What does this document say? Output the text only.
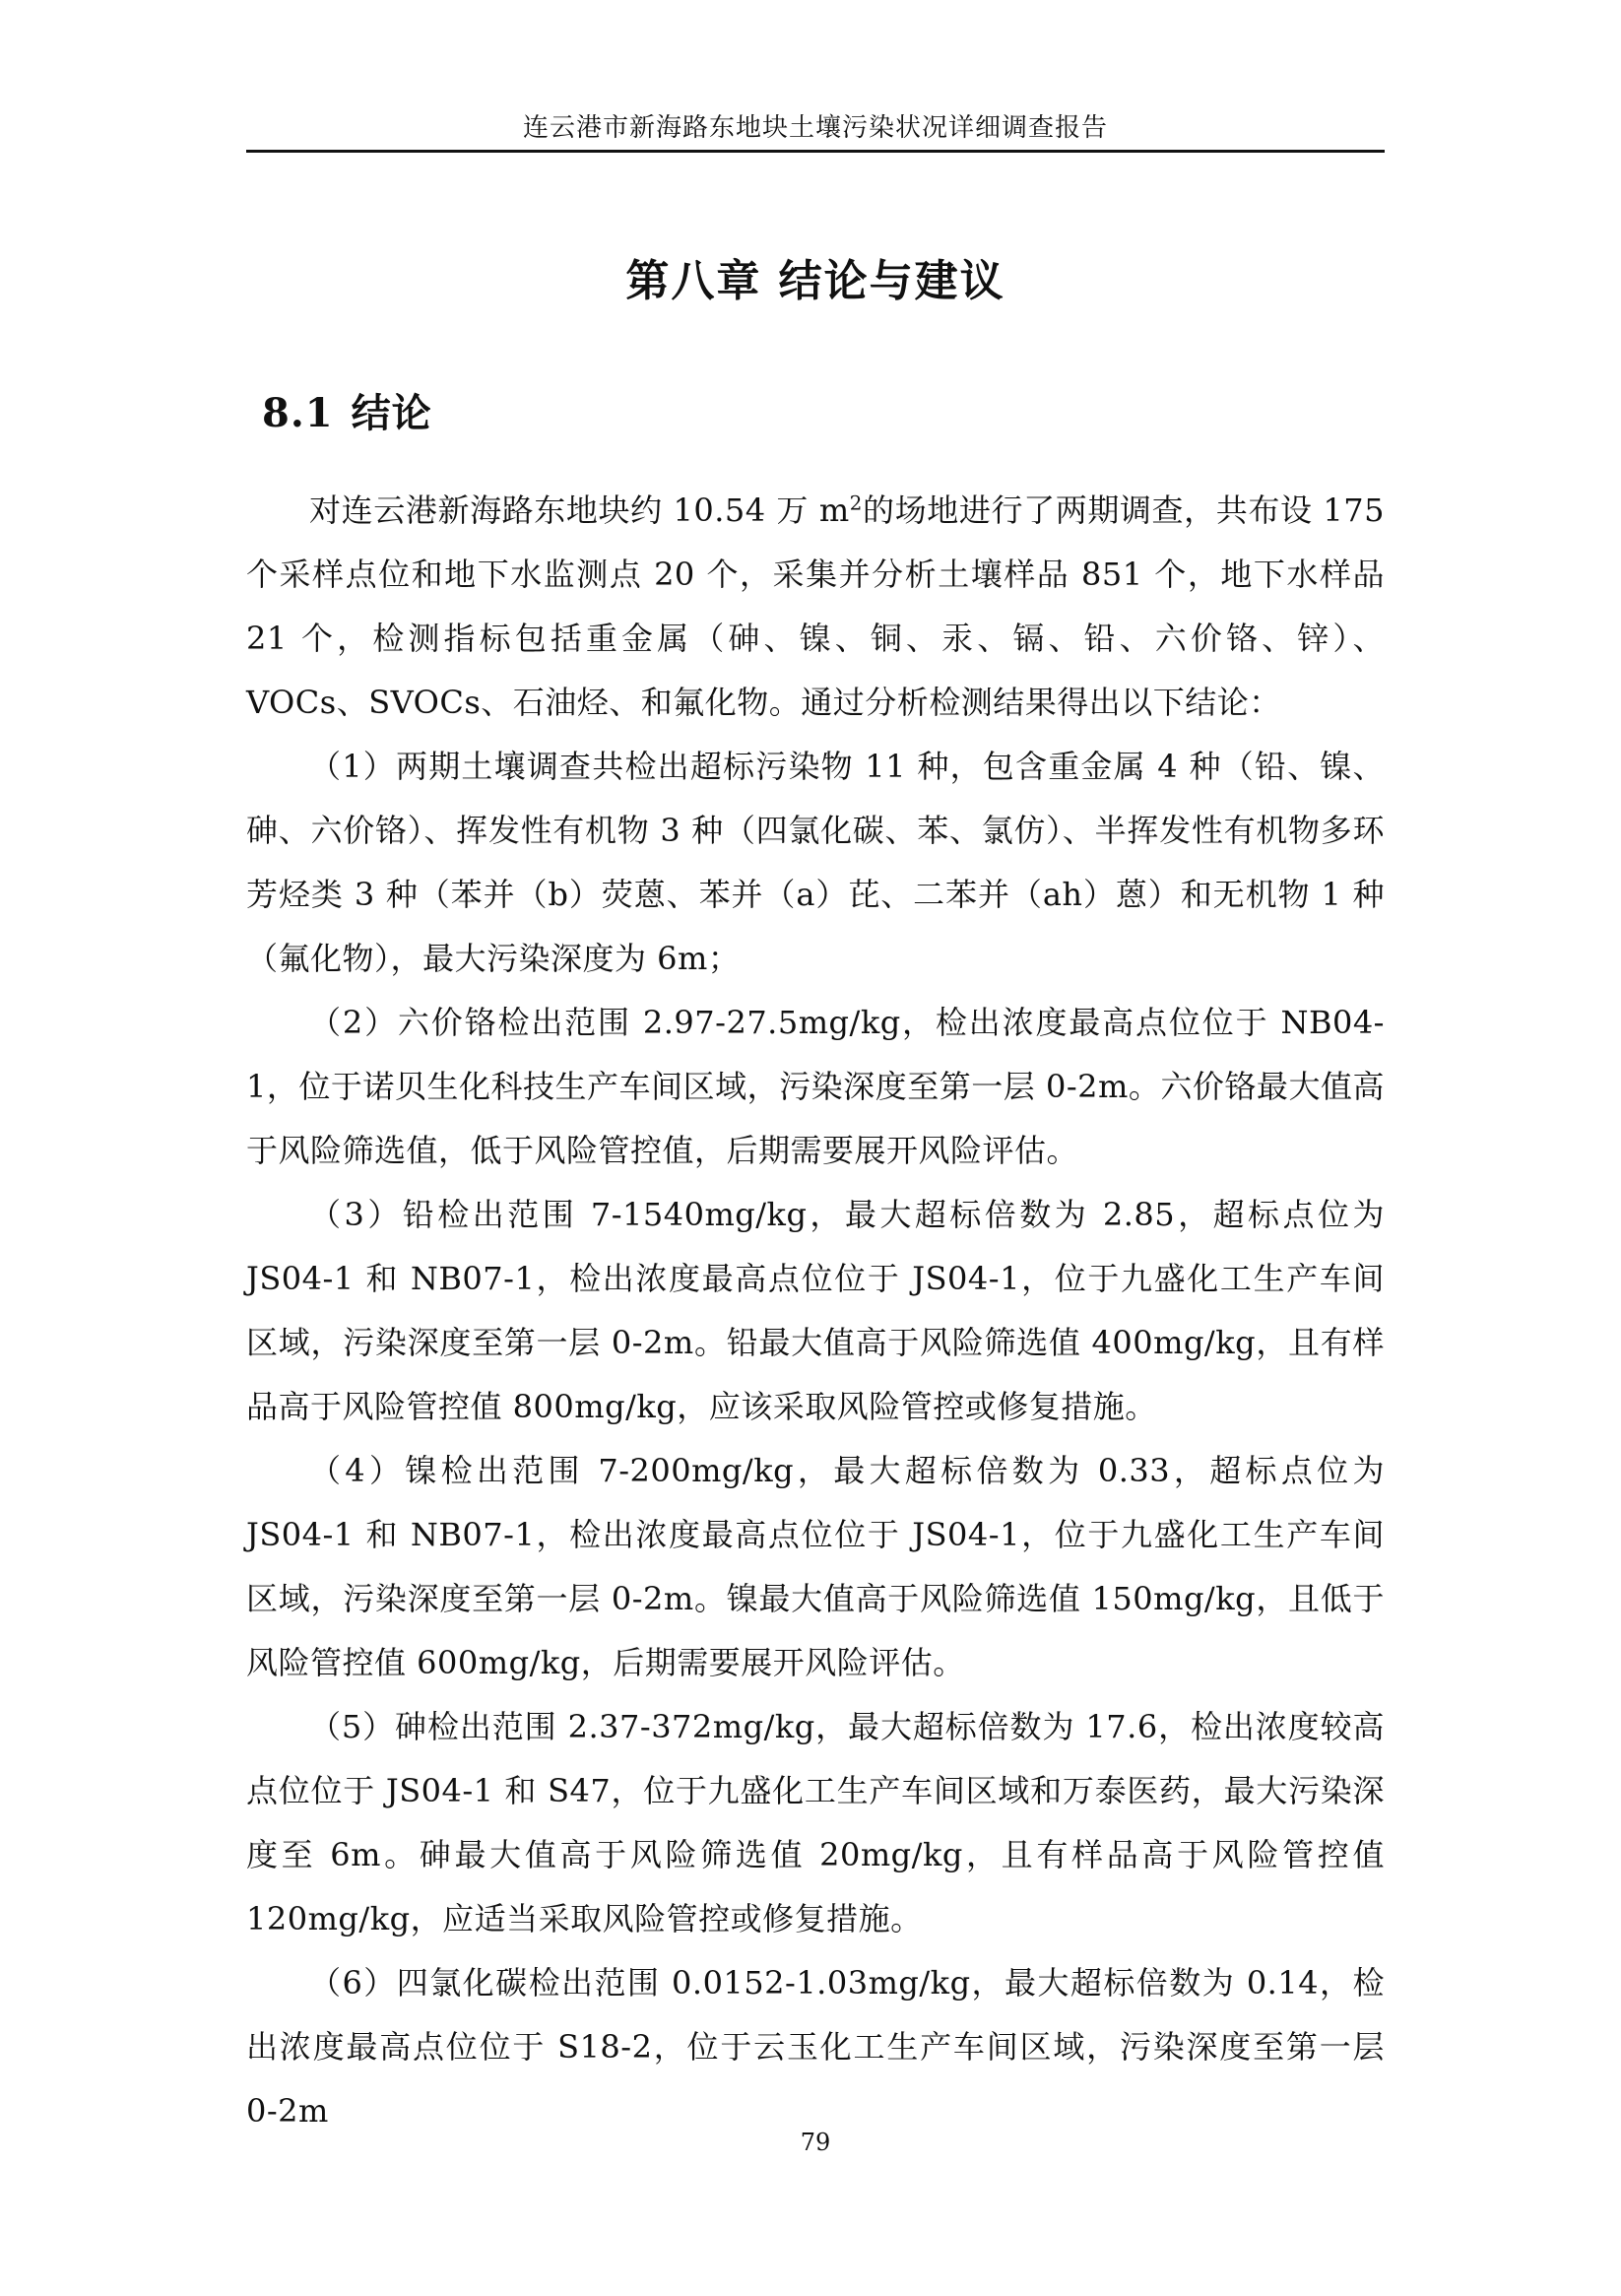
连云港市新海路东地块土壤污染状况详细调查报告
第八章 结论与建议
8.1 结论

对连云港新海路东地块约 10.54 万 $m^2$的场地进行了两期调查，共布设 175 个采样点位和地下水监测点 20 个，采集并分析土壤样品 851 个，地下水样品 21 个，检测指标包括重金属（砷、镍、铜、汞、镉、铅、六价铬、锌）、VOCs、SVOCs、石油烃、和氟化物。通过分析检测结果得出以下结论：

（1）两期土壤调查共检出超标污染物 11 种，包含重金属 4 种（铅、镍、砷、六价铬）、挥发性有机物 3 种（四氯化碳、苯、氯仿）、半挥发性有机物多环芳烃类 3 种（苯并（b）荧蒽、苯并（a）芘、二苯并（ah）蒽）和无机物 1 种（氟化物），最大污染深度为 6m；

（2）六价铬检出范围 2.97-27.5mg/kg，检出浓度最高点位位于 NB04-1，位于诺贝生化科技生产车间区域，污染深度至第一层 0-2m。六价铬最大值高于风险筛选值，低于风险管控值，后期需要展开风险评估。

（3）铅检出范围 7-1540mg/kg，最大超标倍数为 2.85，超标点位为 JS04-1 和 NB07-1，检出浓度最高点位位于 JS04-1，位于九盛化工生产车间区域，污染深度至第一层 0-2m。铅最大值高于风险筛选值 400mg/kg，且有样品高于风险管控值 800mg/kg，应该采取风险管控或修复措施。

（4）镍检出范围 7-200mg/kg，最大超标倍数为 0.33，超标点位为 JS04-1 和 NB07-1，检出浓度最高点位位于 JS04-1，位于九盛化工生产车间区域，污染深度至第一层 0-2m。镍最大值高于风险筛选值 150mg/kg，且低于风险管控值 600mg/kg，后期需要展开风险评估。

（5）砷检出范围 2.37-372mg/kg，最大超标倍数为 17.6，检出浓度较高点位位于 JS04-1 和 S47，位于九盛化工生产车间区域和万泰医药，最大污染深度至 6m。砷最大值高于风险筛选值 20mg/kg，且有样品高于风险管控值 120mg/kg，应适当采取风险管控或修复措施。

（6）四氯化碳检出范围 0.0152-1.03mg/kg，最大超标倍数为 0.14，检出浓度最高点位位于 S18-2，位于云玉化工生产车间区域，污染深度至第一层 0-2m

79
